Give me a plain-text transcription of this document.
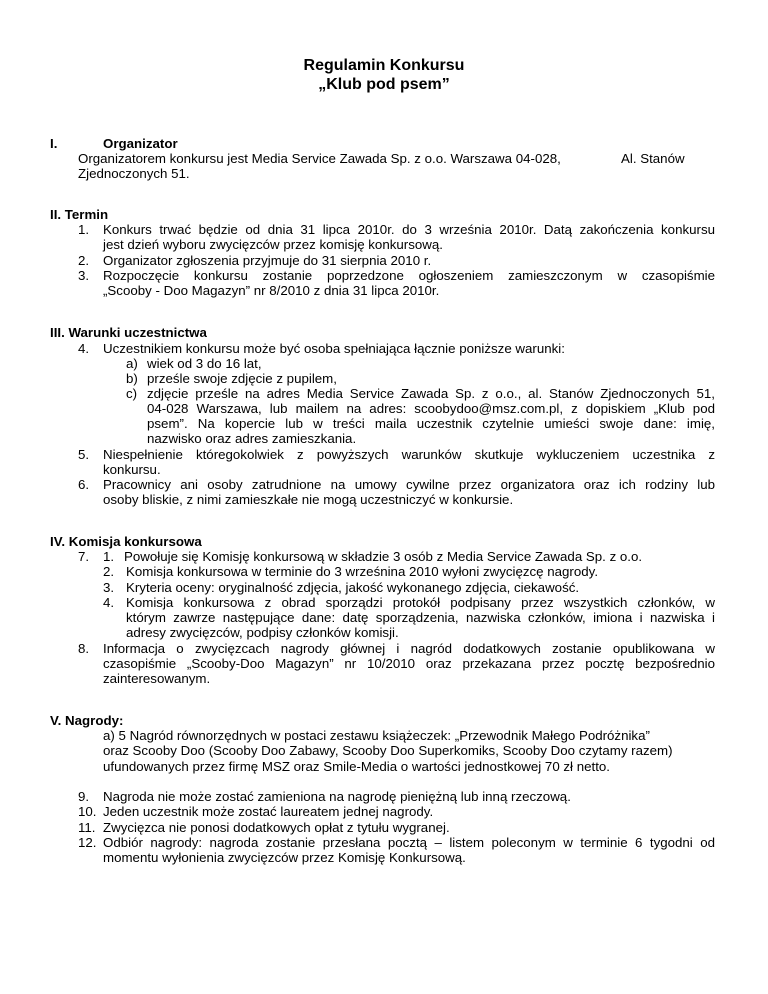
Regulamin Konkursu
„Klub pod psem”
I.	Organizator
Organizatorem konkursu jest Media Service Zawada Sp. z o.o. Warszawa 04-028,	Al. Stanów
Zjednoczonych 51.
II. Termin
1. Konkurs trwać będzie od dnia 31 lipca 2010r. do 3 września 2010r. Datą zakończenia konkursu
jest dzień wyboru zwycięzców przez komisję konkursową.
2. Organizator zgłoszenia przyjmuje do 31 sierpnia 2010 r.
3. Rozpoczęcie konkursu zostanie poprzedzone ogłoszeniem zamieszczonym w czasopiśmie
„Scooby - Doo Magazyn” nr 8/2010 z dnia 31 lipca 2010r.
III. Warunki uczestnictwa
4. Uczestnikiem konkursu może być osoba spełniająca łącznie poniższe warunki:
a) wiek od 3 do 16 lat,
b) prześle swoje zdjęcie z pupilem,
c) zdjęcie prześle na adres Media Service Zawada Sp. z o.o., al. Stanów Zjednoczonych 51,
04-028 Warszawa, lub mailem na adres: scoobydoo@msz.com.pl, z dopiskiem „Klub pod
psem”. Na kopercie lub w treści maila uczestnik czytelnie umieści swoje dane: imię,
nazwisko oraz adres zamieszkania.
5. Niespełnienie któregokolwiek z powyższych warunków skutkuje wykluczeniem uczestnika z
konkursu.
6. Pracownicy ani osoby zatrudnione na umowy cywilne przez organizatora oraz ich rodziny lub
osoby bliskie, z nimi zamieszkałe nie mogą uczestniczyć w konkursie.
IV. Komisja konkursowa
7. 1. Powołuje się Komisję konkursową w składzie 3 osób z Media Service Zawada Sp. z o.o.
2. Komisja konkursowa w terminie do 3 wrześnina 2010 wyłoni zwycięzcę nagrody.
3. Kryteria oceny: oryginalność zdjęcia, jakość wykonanego zdjęcia, ciekawość.
4. Komisja konkursowa z obrad sporządzi protokół podpisany przez wszystkich członków, w
którym zawrze następujące dane: datę sporządzenia, nazwiska członków, imiona i nazwiska i
adresy zwycięzców, podpisy członków komisji.
8. Informacja o zwycięzcach nagrody głównej i nagród dodatkowych zostanie opublikowana w
czasopiśmie „Scooby-Doo Magazyn” nr 10/2010 oraz przekazana przez pocztę bezpośrednio
zainteresowanym.
V. Nagrody:
a) 5 Nagród równorzędnych w postaci zestawu książeczek: „Przewodnik Małego Podróżnika”
oraz Scooby Doo (Scooby Doo Zabawy, Scooby Doo Superkomiks, Scooby Doo czytamy razem)
ufundowanych przez firmę MSZ oraz Smile-Media o wartości jednostkowej 70 zł netto.
9. Nagroda nie może zostać zamieniona na nagrodę pieniężną lub inną rzeczową.
10. Jeden uczestnik może zostać laureatem jednej nagrody.
11. Zwycięzca nie ponosi dodatkowych opłat z tytułu wygranej.
12. Odbiór nagrody: nagroda zostanie przesłana pocztą – listem poleconym w terminie 6 tygodni od
momentu wyłonienia zwycięzców przez Komisję Konkursową.
